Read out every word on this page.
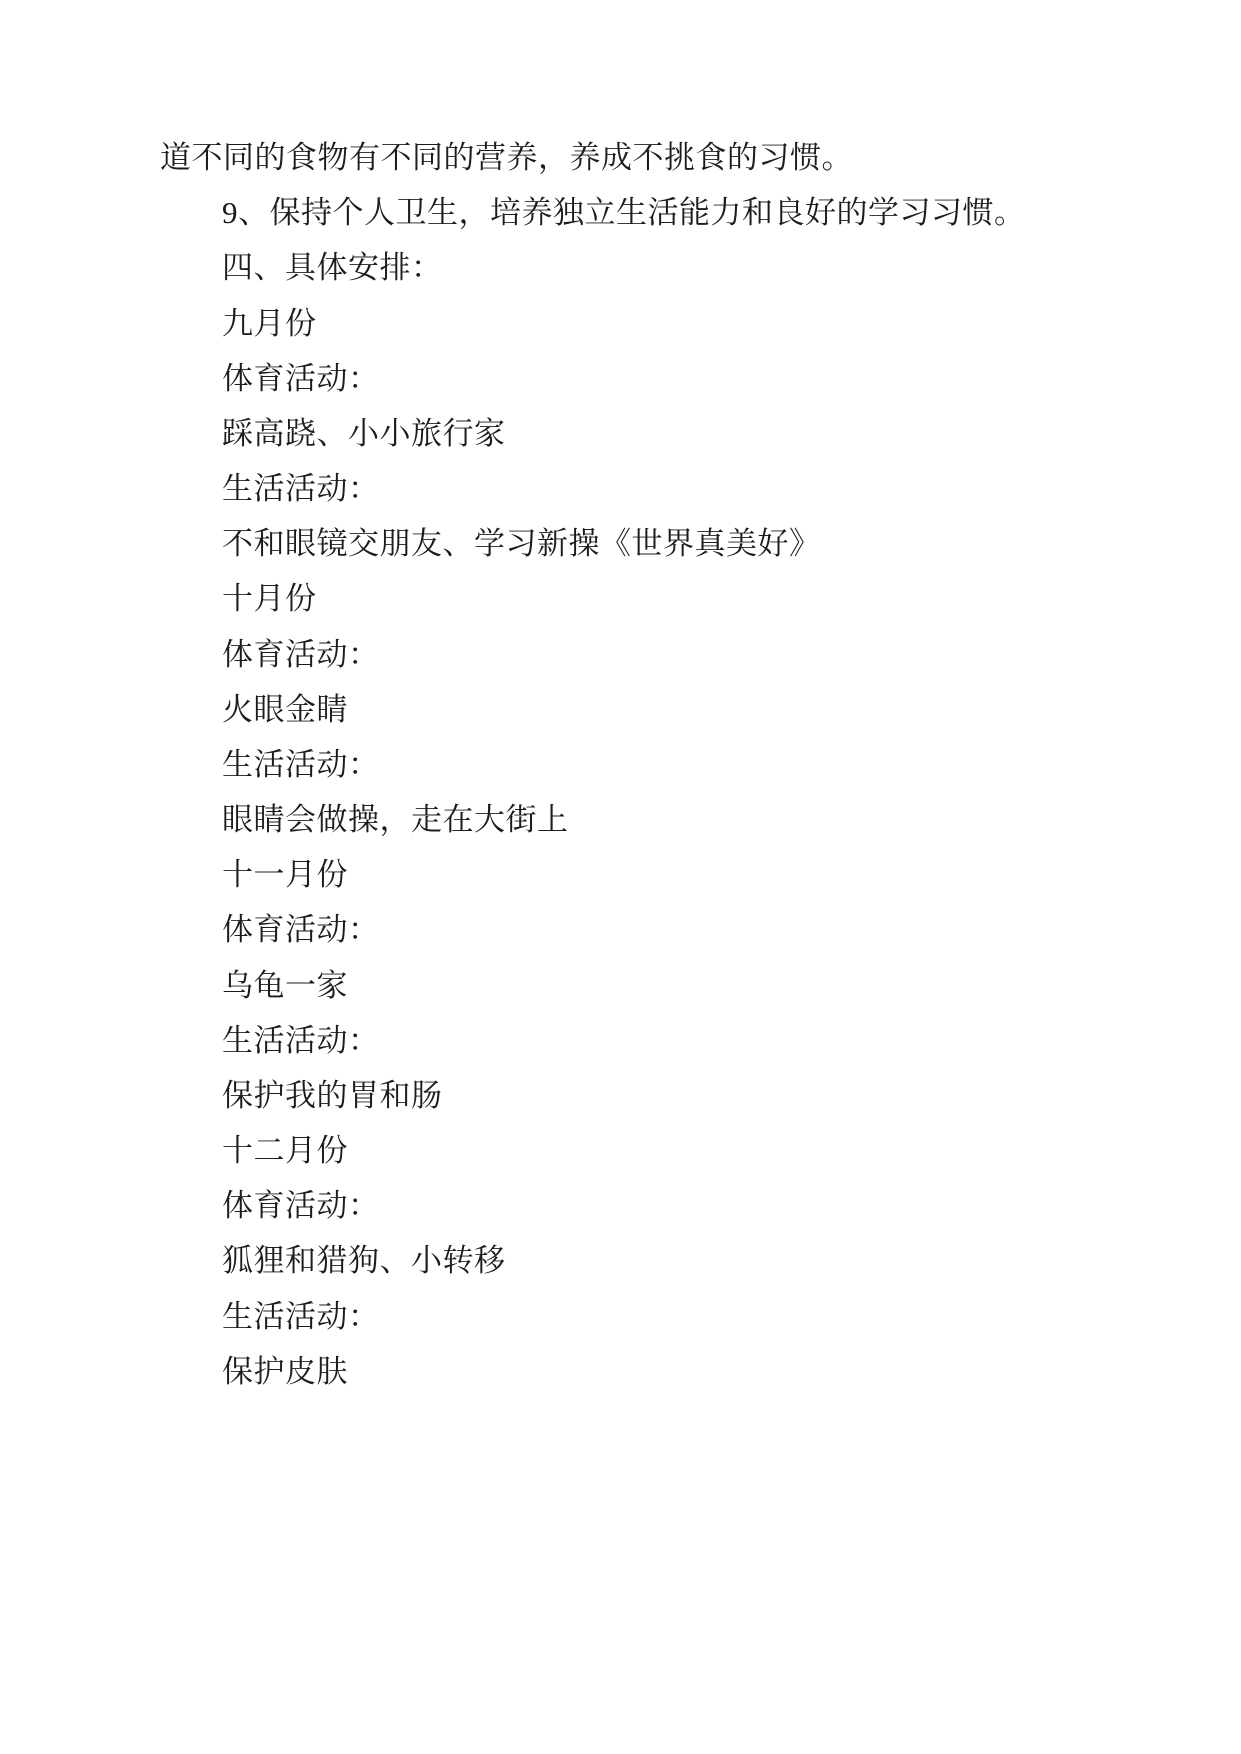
道不同的食物有不同的营养，养成不挑食的习惯。

9、保持个人卫生，培养独立生活能力和良好的学习习惯。

四、具体安排：

九月份

体育活动：

踩高跷、小小旅行家

生活活动：

不和眼镜交朋友、学习新操《世界真美好》

十月份

体育活动：

火眼金睛

生活活动：

眼睛会做操，走在大街上

十一月份

体育活动：

乌龟一家

生活活动：

保护我的胃和肠

十二月份

体育活动：

狐狸和猎狗、小转移

生活活动：

保护皮肤
